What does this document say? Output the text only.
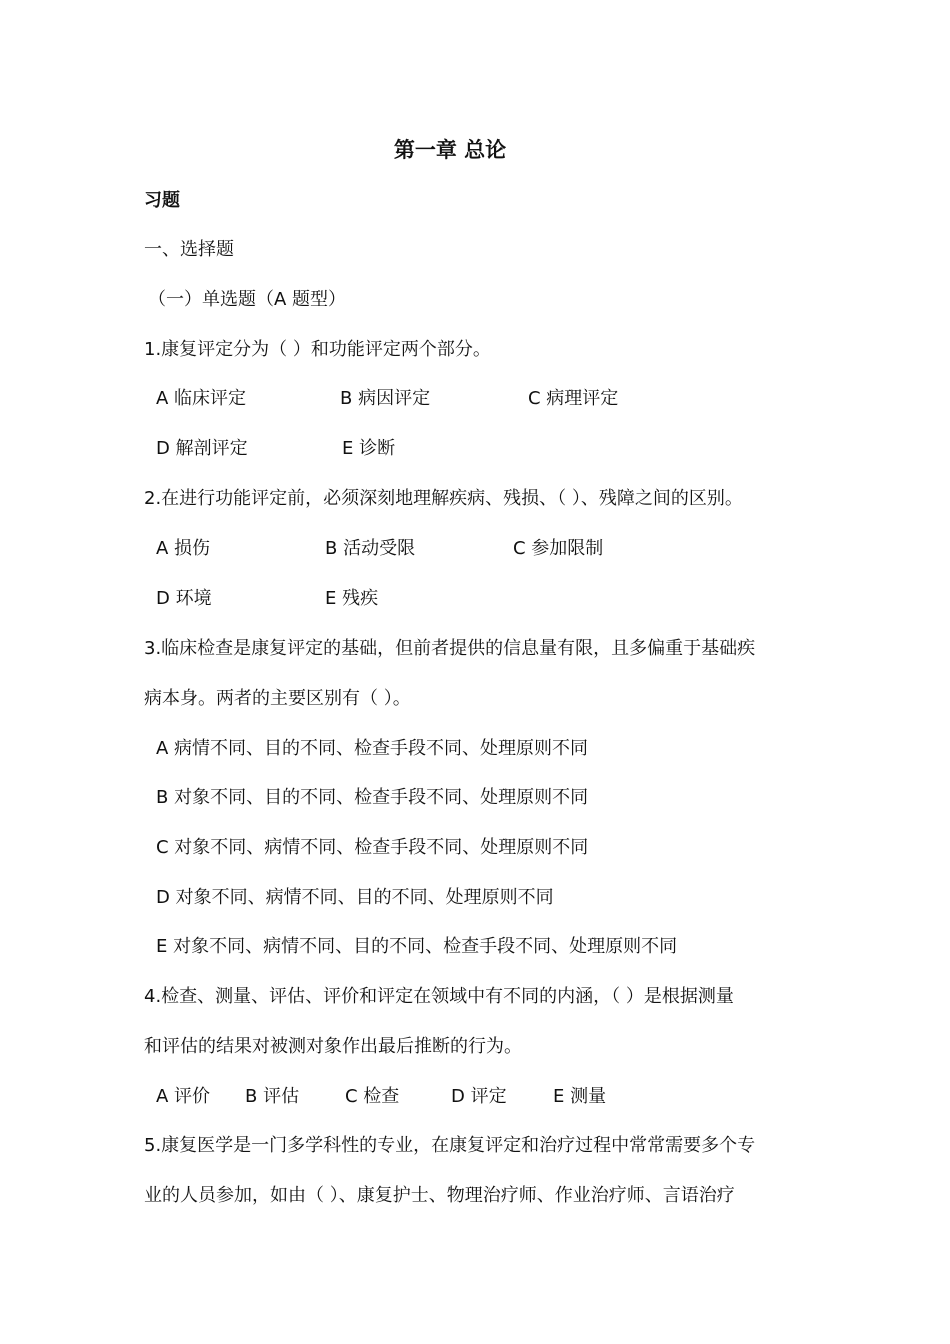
第一章 总论
习题
一、选择题
（一）单选题（A 题型）
1.康复评定分为（ ）和功能评定两个部分。
A 临床评定	B 病因评定	C 病理评定
D 解剖评定	E 诊断
2.在进行功能评定前，必须深刻地理解疾病、残损、（ ）、残障之间的区别。
A 损伤	B 活动受限	C 参加限制
D 环境	E 残疾
3.临床检查是康复评定的基础，但前者提供的信息量有限，且多偏重于基础疾
病本身。两者的主要区别有（ ）。
A 病情不同、目的不同、检查手段不同、处理原则不同
B 对象不同、目的不同、检查手段不同、处理原则不同
C 对象不同、病情不同、检查手段不同、处理原则不同
D 对象不同、病情不同、目的不同、处理原则不同
E 对象不同、病情不同、目的不同、检查手段不同、处理原则不同
4.检查、测量、评估、评价和评定在领域中有不同的内涵，（ ）是根据测量
和评估的结果对被测对象作出最后推断的行为。
A 评价 B 评估	C 检查	D 评定	E 测量
5.康复医学是一门多学科性的专业，在康复评定和治疗过程中常常需要多个专
业的人员参加，如由（ ）、康复护士、物理治疗师、作业治疗师、言语治疗
